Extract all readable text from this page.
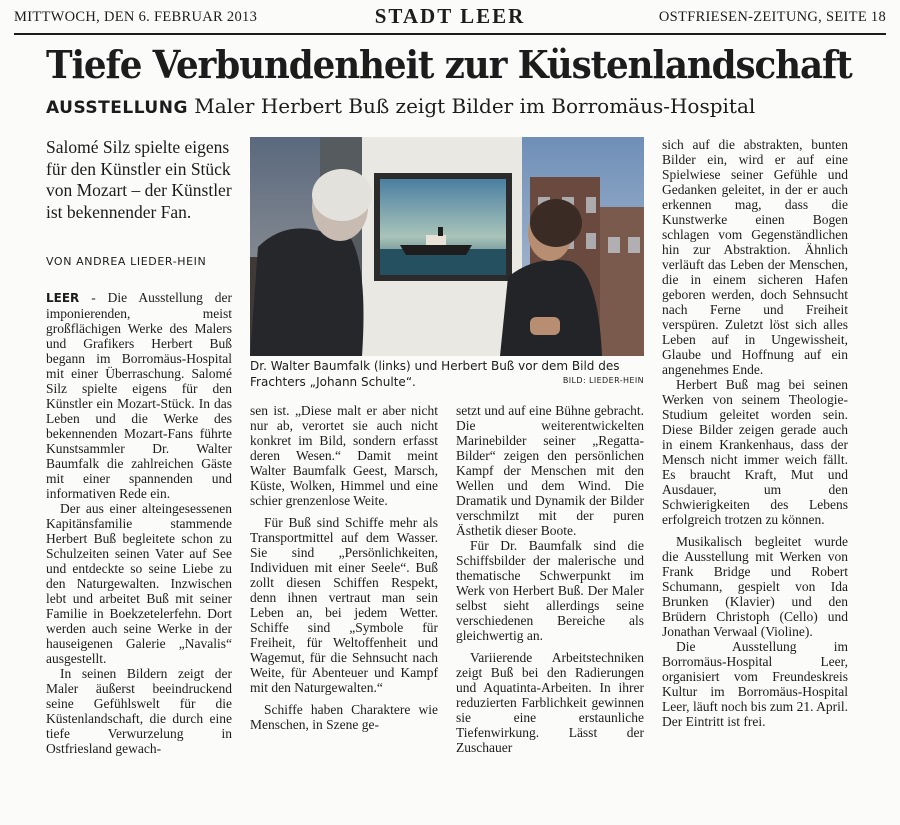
MITTWOCH, DEN 6. FEBRUAR 2013	STADT LEER	OSTFRIESEN-ZEITUNG, SEITE 18
Tiefe Verbundenheit zur Küstenlandschaft
AUSSTELLUNG Maler Herbert Buß zeigt Bilder im Borromäus-Hospital
Salomé Silz spielte eigens für den Künstler ein Stück von Mozart – der Künstler ist bekennender Fan.
VON ANDREA LIEDER-HEIN

LEER - Die Ausstellung der imponierenden, meist großflächigen Werke des Malers und Grafikers Herbert Buß begann im Borromäus-Hospital mit einer Überraschung. Salomé Silz spielte eigens für den Künstler ein Mozart-Stück. In das Leben und die Werke des bekennenden Mozart-Fans führte Kunstsammler Dr. Walter Baumfalk die zahlreichen Gäste mit einer spannenden und informativen Rede ein.

Der aus einer alteingesessenen Kapitänsfamilie stammende Herbert Buß begleitete schon zu Schulzeiten seinen Vater auf See und entdeckte so seine Liebe zu den Naturgewalten. Inzwischen lebt und arbeitet Buß mit seiner Familie in Boekzetelerfehn. Dort werden auch seine Werke in der hauseigenen Galerie „Navalis“ ausgestellt.

In seinen Bildern zeigt der Maler äußerst beeindruckend seine Gefühlswelt für die Küstenlandschaft, die durch eine tiefe Verwurzelung in Ostfriesland gewach-

Dr. Walter Baumfalk (links) und Herbert Buß vor dem Bild des Frachters „Johann Schulte“.	BILD: LIEDER-HEIN

sen ist. „Diese malt er aber nicht nur ab, verortet sie auch nicht konkret im Bild, sondern erfasst deren Wesen.“ Damit meint Walter Baumfalk Geest, Marsch, Küste, Wolken, Himmel und eine schier grenzenlose Weite.

Für Buß sind Schiffe mehr als Transportmittel auf dem Wasser. Sie sind „Persönlichkeiten, Individuen mit einer Seele“. Buß zollt diesen Schiffen Respekt, denn ihnen vertraut man sein Leben an, bei jedem Wetter. Schiffe sind „Symbole für Freiheit, für Weltoffenheit und Wagemut, für die Sehnsucht nach Weite, für Abenteuer und Kampf mit den Naturgewalten.“

Schiffe haben Charaktere wie Menschen, in Szene ge-

setzt und auf eine Bühne gebracht. Die weiterentwickelten Marinebilder seiner „Regatta-Bilder“ zeigen den persönlichen Kampf der Menschen mit den Wellen und dem Wind. Die Dramatik und Dynamik der Bilder verschmilzt mit der puren Ästhetik dieser Boote.

Für Dr. Baumfalk sind die Schiffsbilder der malerische und thematische Schwerpunkt im Werk von Herbert Buß. Der Maler selbst sieht allerdings seine verschiedenen Bereiche als gleichwertig an.

Variierende Arbeitstechniken zeigt Buß bei den Radierungen und Aquatinta-Arbeiten. In ihrer reduzierten Farblichkeit gewinnen sie eine erstaunliche Tiefenwirkung. Lässt der Zuschauer

sich auf die abstrakten, bunten Bilder ein, wird er auf eine Spielwiese seiner Gefühle und Gedanken geleitet, in der er auch erkennen mag, dass die Kunstwerke einen Bogen schlagen vom Gegenständlichen hin zur Abstraktion. Ähnlich verläuft das Leben der Menschen, die in einem sicheren Hafen geboren werden, doch Sehnsucht nach Ferne und Freiheit verspüren. Zuletzt löst sich alles Leben auf in Ungewissheit, Glaube und Hoffnung auf ein angenehmes Ende.

Herbert Buß mag bei seinen Werken von seinem Theologie-Studium geleitet worden sein. Diese Bilder zeigen gerade auch in einem Krankenhaus, dass der Mensch nicht immer weich fällt. Es braucht Kraft, Mut und Ausdauer, um den Schwierigkeiten des Lebens erfolgreich trotzen zu können.

Musikalisch begleitet wurde die Ausstellung mit Werken von Frank Bridge und Robert Schumann, gespielt von Ida Brunken (Klavier) und den Brüdern Christoph (Cello) und Jonathan Verwaal (Violine).

Die Ausstellung im Borromäus-Hospital Leer, organisiert vom Freundeskreis Kultur im Borromäus-Hospital Leer, läuft noch bis zum 21. April. Der Eintritt ist frei.
